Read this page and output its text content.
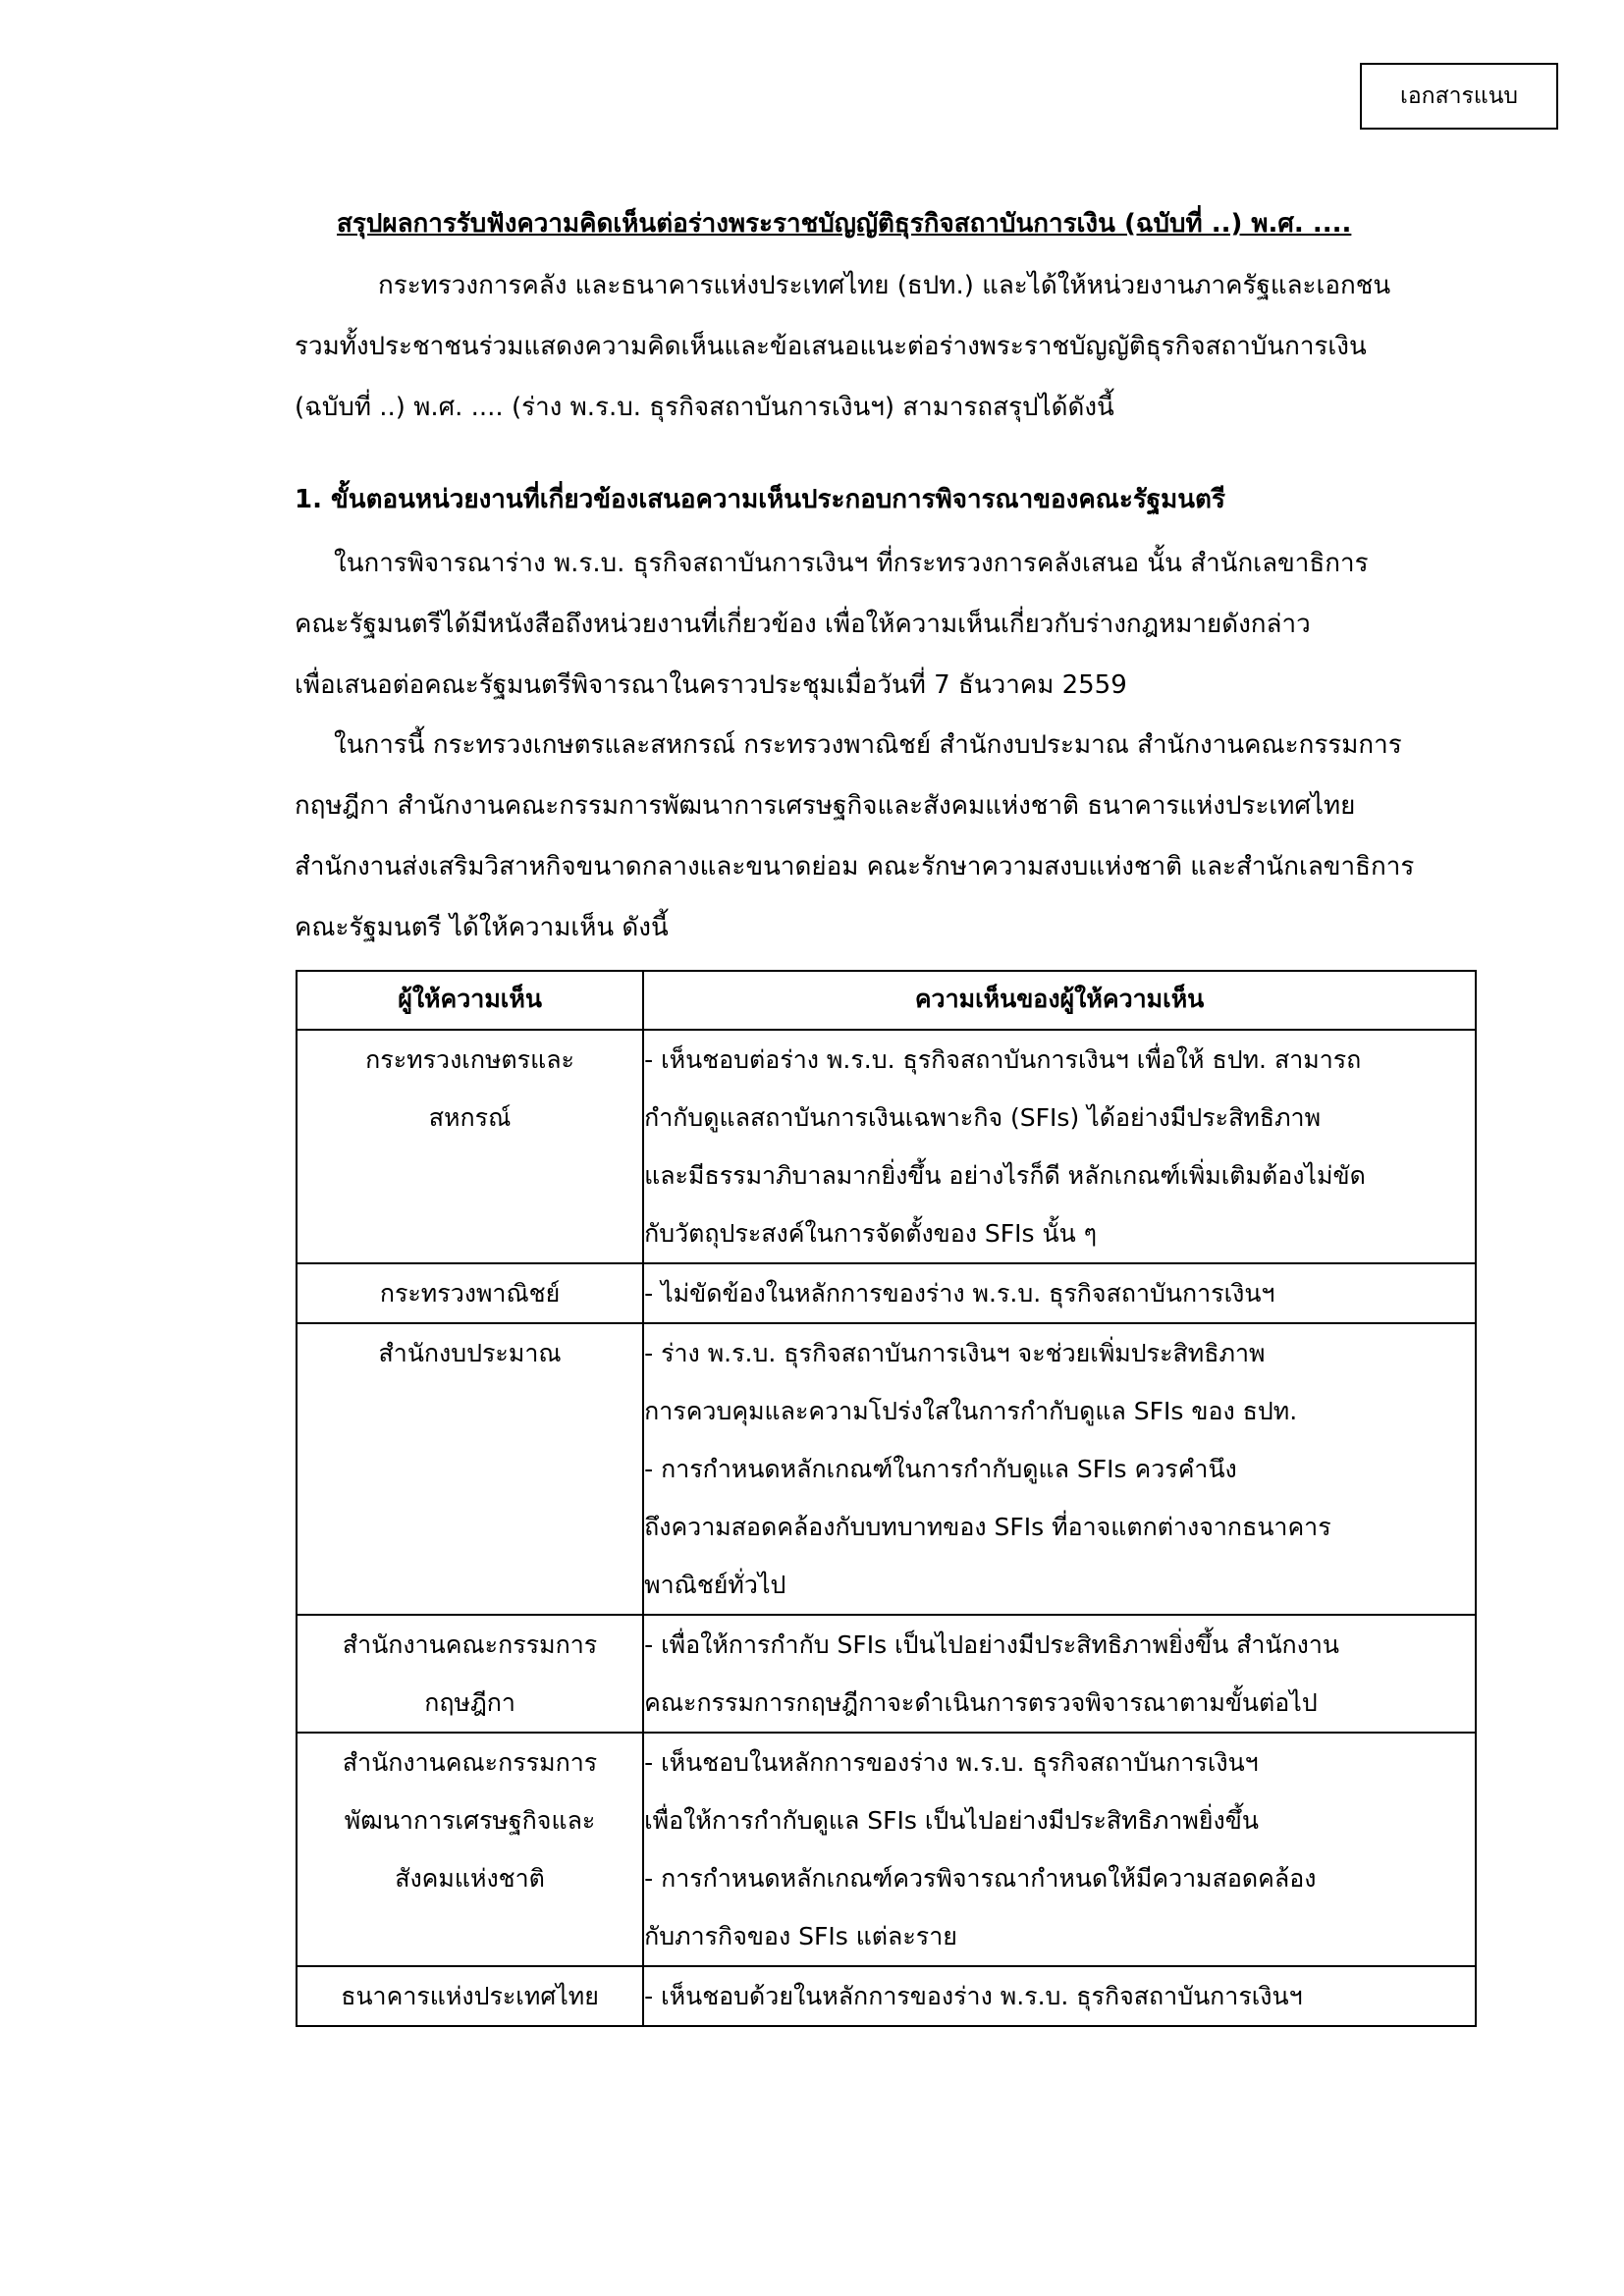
เอกสารแนบ
สรุปผลการรับฟังความคิดเห็นต่อร่างพระราชบัญญัติธุรกิจสถาบันการเงิน (ฉบับที่ ..) พ.ศ. ....
กระทรวงการคลัง และธนาคารแห่งประเทศไทย (ธปท.) และได้ให้หน่วยงานภาครัฐและเอกชน
รวมทั้งประชาชนร่วมแสดงความคิดเห็นและข้อเสนอแนะต่อร่างพระราชบัญญัติธุรกิจสถาบันการเงิน
(ฉบับที่ ..) พ.ศ. .... (ร่าง พ.ร.บ. ธุรกิจสถาบันการเงินฯ) สามารถสรุปได้ดังนี้
1. ขั้นตอนหน่วยงานที่เกี่ยวข้องเสนอความเห็นประกอบการพิจารณาของคณะรัฐมนตรี
ในการพิจารณาร่าง พ.ร.บ. ธุรกิจสถาบันการเงินฯ ที่กระทรวงการคลังเสนอ นั้น สำนักเลขาธิการ
คณะรัฐมนตรีได้มีหนังสือถึงหน่วยงานที่เกี่ยวข้อง เพื่อให้ความเห็นเกี่ยวกับร่างกฎหมายดังกล่าว
เพื่อเสนอต่อคณะรัฐมนตรีพิจารณาในคราวประชุมเมื่อวันที่ 7 ธันวาคม 2559
ในการนี้ กระทรวงเกษตรและสหกรณ์ กระทรวงพาณิชย์ สำนักงบประมาณ สำนักงานคณะกรรมการ
กฤษฎีกา สำนักงานคณะกรรมการพัฒนาการเศรษฐกิจและสังคมแห่งชาติ ธนาคารแห่งประเทศไทย
สำนักงานส่งเสริมวิสาหกิจขนาดกลางและขนาดย่อม คณะรักษาความสงบแห่งชาติ และสำนักเลขาธิการ
คณะรัฐมนตรี ได้ให้ความเห็น ดังนี้
ผู้ให้ความเห็น	ความเห็นของผู้ให้ความเห็น

กระทรวงเกษตรและ
สหกรณ์	- เห็นชอบต่อร่าง พ.ร.บ. ธุรกิจสถาบันการเงินฯ เพื่อให้ ธปท. สามารถ
กำกับดูแลสถาบันการเงินเฉพาะกิจ (SFIs) ได้อย่างมีประสิทธิภาพ
และมีธรรมาภิบาลมากยิ่งขึ้น อย่างไรก็ดี หลักเกณฑ์เพิ่มเติมต้องไม่ขัด
กับวัตถุประสงค์ในการจัดตั้งของ SFIs นั้น ๆ

กระทรวงพาณิชย์	- ไม่ขัดข้องในหลักการของร่าง พ.ร.บ. ธุรกิจสถาบันการเงินฯ

สำนักงบประมาณ	- ร่าง พ.ร.บ. ธุรกิจสถาบันการเงินฯ จะช่วยเพิ่มประสิทธิภาพ
การควบคุมและความโปร่งใสในการกำกับดูแล SFIs ของ ธปท.
- การกำหนดหลักเกณฑ์ในการกำกับดูแล SFIs ควรคำนึง
ถึงความสอดคล้องกับบทบาทของ SFIs ที่อาจแตกต่างจากธนาคาร
พาณิชย์ทั่วไป

สำนักงานคณะกรรมการ
กฤษฎีกา	- เพื่อให้การกำกับ SFIs เป็นไปอย่างมีประสิทธิภาพยิ่งขึ้น สำนักงาน
คณะกรรมการกฤษฎีกาจะดำเนินการตรวจพิจารณาตามขั้นต่อไป

สำนักงานคณะกรรมการ
พัฒนาการเศรษฐกิจและ
สังคมแห่งชาติ	- เห็นชอบในหลักการของร่าง พ.ร.บ. ธุรกิจสถาบันการเงินฯ
เพื่อให้การกำกับดูแล SFIs เป็นไปอย่างมีประสิทธิภาพยิ่งขึ้น
- การกำหนดหลักเกณฑ์ควรพิจารณากำหนดให้มีความสอดคล้อง
กับภารกิจของ SFIs แต่ละราย

ธนาคารแห่งประเทศไทย	- เห็นชอบด้วยในหลักการของร่าง พ.ร.บ. ธุรกิจสถาบันการเงินฯ
